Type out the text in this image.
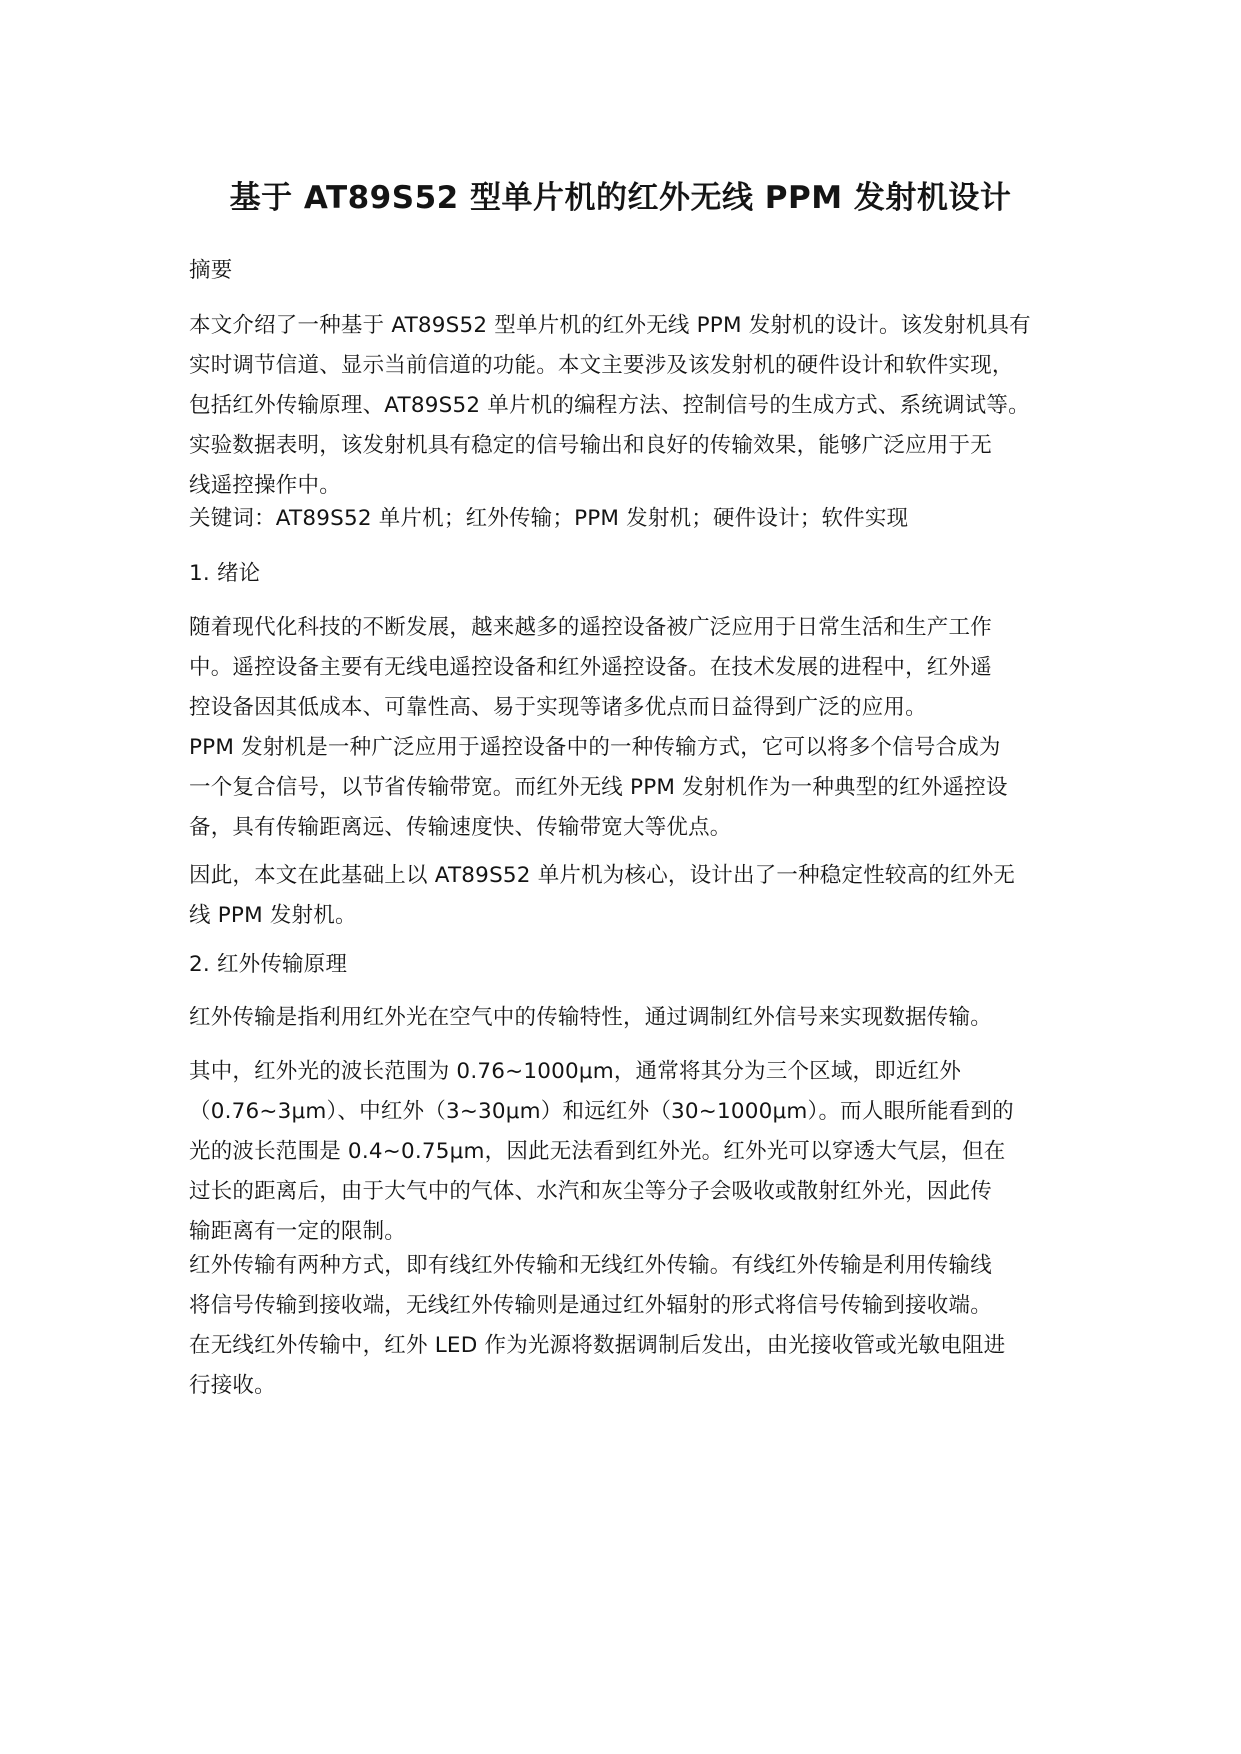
基于 AT89S52 型单片机的红外无线 PPM 发射机设计

摘要

本文介绍了一种基于 AT89S52 型单片机的红外无线 PPM 发射机的设计。该发射机具有
实时调节信道、显示当前信道的功能。本文主要涉及该发射机的硬件设计和软件实现，
包括红外传输原理、AT89S52 单片机的编程方法、控制信号的生成方式、系统调试等。
实验数据表明，该发射机具有稳定的信号输出和良好的传输效果，能够广泛应用于无
线遥控操作中。

关键词：AT89S52 单片机；红外传输；PPM 发射机；硬件设计；软件实现

1. 绪论

随着现代化科技的不断发展，越来越多的遥控设备被广泛应用于日常生活和生产工作
中。遥控设备主要有无线电遥控设备和红外遥控设备。在技术发展的进程中，红外遥
控设备因其低成本、可靠性高、易于实现等诸多优点而日益得到广泛的应用。
PPM 发射机是一种广泛应用于遥控设备中的一种传输方式，它可以将多个信号合成为
一个复合信号，以节省传输带宽。而红外无线 PPM 发射机作为一种典型的红外遥控设
备，具有传输距离远、传输速度快、传输带宽大等优点。
因此，本文在此基础上以 AT89S52 单片机为核心，设计出了一种稳定性较高的红外无
线 PPM 发射机。

2. 红外传输原理

红外传输是指利用红外光在空气中的传输特性，通过调制红外信号来实现数据传输。
其中，红外光的波长范围为 0.76~1000μm，通常将其分为三个区域，即近红外
（0.76~3μm）、中红外（3~30μm）和远红外（30~1000μm）。而人眼所能看到的
光的波长范围是 0.4~0.75μm，因此无法看到红外光。红外光可以穿透大气层，但在
过长的距离后，由于大气中的气体、水汽和灰尘等分子会吸收或散射红外光，因此传
输距离有一定的限制。
红外传输有两种方式，即有线红外传输和无线红外传输。有线红外传输是利用传输线
将信号传输到接收端，无线红外传输则是通过红外辐射的形式将信号传输到接收端。
在无线红外传输中，红外 LED 作为光源将数据调制后发出，由光接收管或光敏电阻进
行接收。
